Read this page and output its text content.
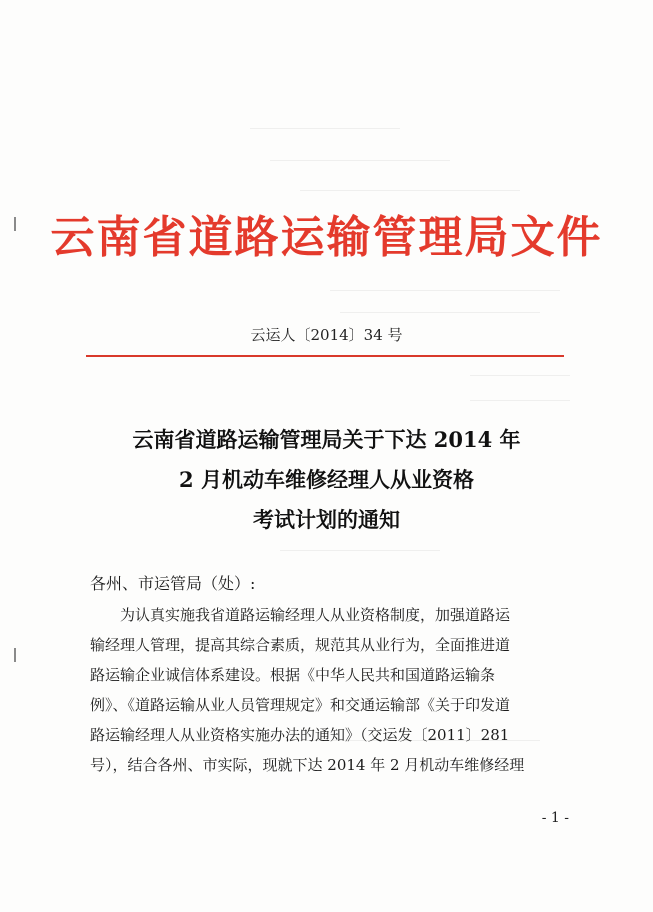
云南省道路运输管理局文件
云运人〔2014〕34 号
云南省道路运输管理局关于下达 2014 年
2 月机动车维修经理人从业资格
考试计划的通知
各州、市运管局（处）:
为认真实施我省道路运输经理人从业资格制度，加强道路运
输经理人管理，提高其综合素质，规范其从业行为，全面推进道
路运输企业诚信体系建设。根据《中华人民共和国道路运输条
例》、《道路运输从业人员管理规定》和交通运输部《关于印发道
路运输经理人从业资格实施办法的通知》（交运发〔2011〕281
号），结合各州、市实际，现就下达 2014 年 2 月机动车维修经理
- 1 -
